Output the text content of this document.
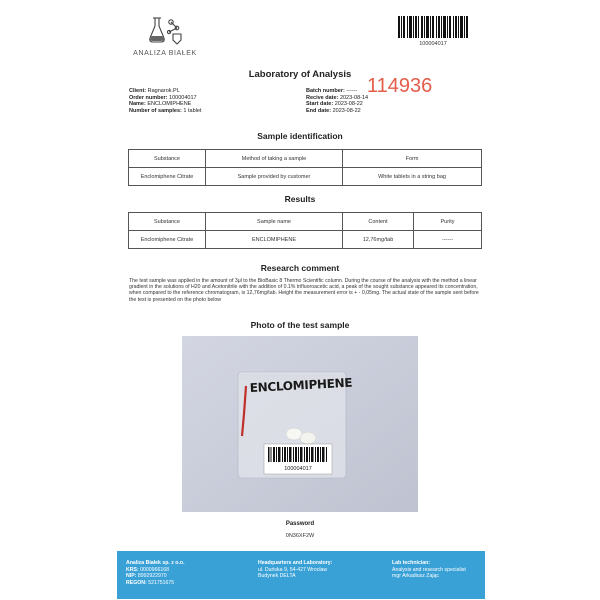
ANALIZA BIAŁEK
100004017
Laboratory of Analysis
Client: Ragnarok.PL
Order number: 100004017
Name: ENCLOMIPHENE
Number of samples: 1 tablet
Batch number: ------
Recive date: 2023-08-14
Start date: 2023-08-22
End date: 2023-08-22
114936
Sample identification
Substance	Method of taking a sample	Form
Enclomiphene Citrate	Sample provided by customer	White tablets in a string bag
Results
Substance	Sample name	Content	Purity
Enclomiphene Citrate	ENCLOMIPHENE	12,76mg/tab	------
Research comment
The test sample was applied in the amount of 3μl to the BioBasic 8 Thermo Scientific column. During the course of the analysis with the method a linear gradient in the solutions of H20 and Acetonitrile with the addition of 0.1% trifluoroacetic acid, a peak of the sought substance appeared its concentration, when compared to the reference chromatogram, is 12,76mg/tab. Height the measurement error is + - 0,05mg. The actual state of the sample sent before the test is presented on the photo below
Photo of the test sample
100004017
ENCLOMIPHENE
Password
0N36XF2W
Analiza Białek sp. z o.o.
KRS: 0000966168
NIP: 8992922970
REGON: 521751675
Headquarters and Laboratory:
ul. Duńska 9, 54-427 Wrocław
Budynek DELTA
Lab technician:
Analysis and research specialist
mgr Arkadiusz Zając
